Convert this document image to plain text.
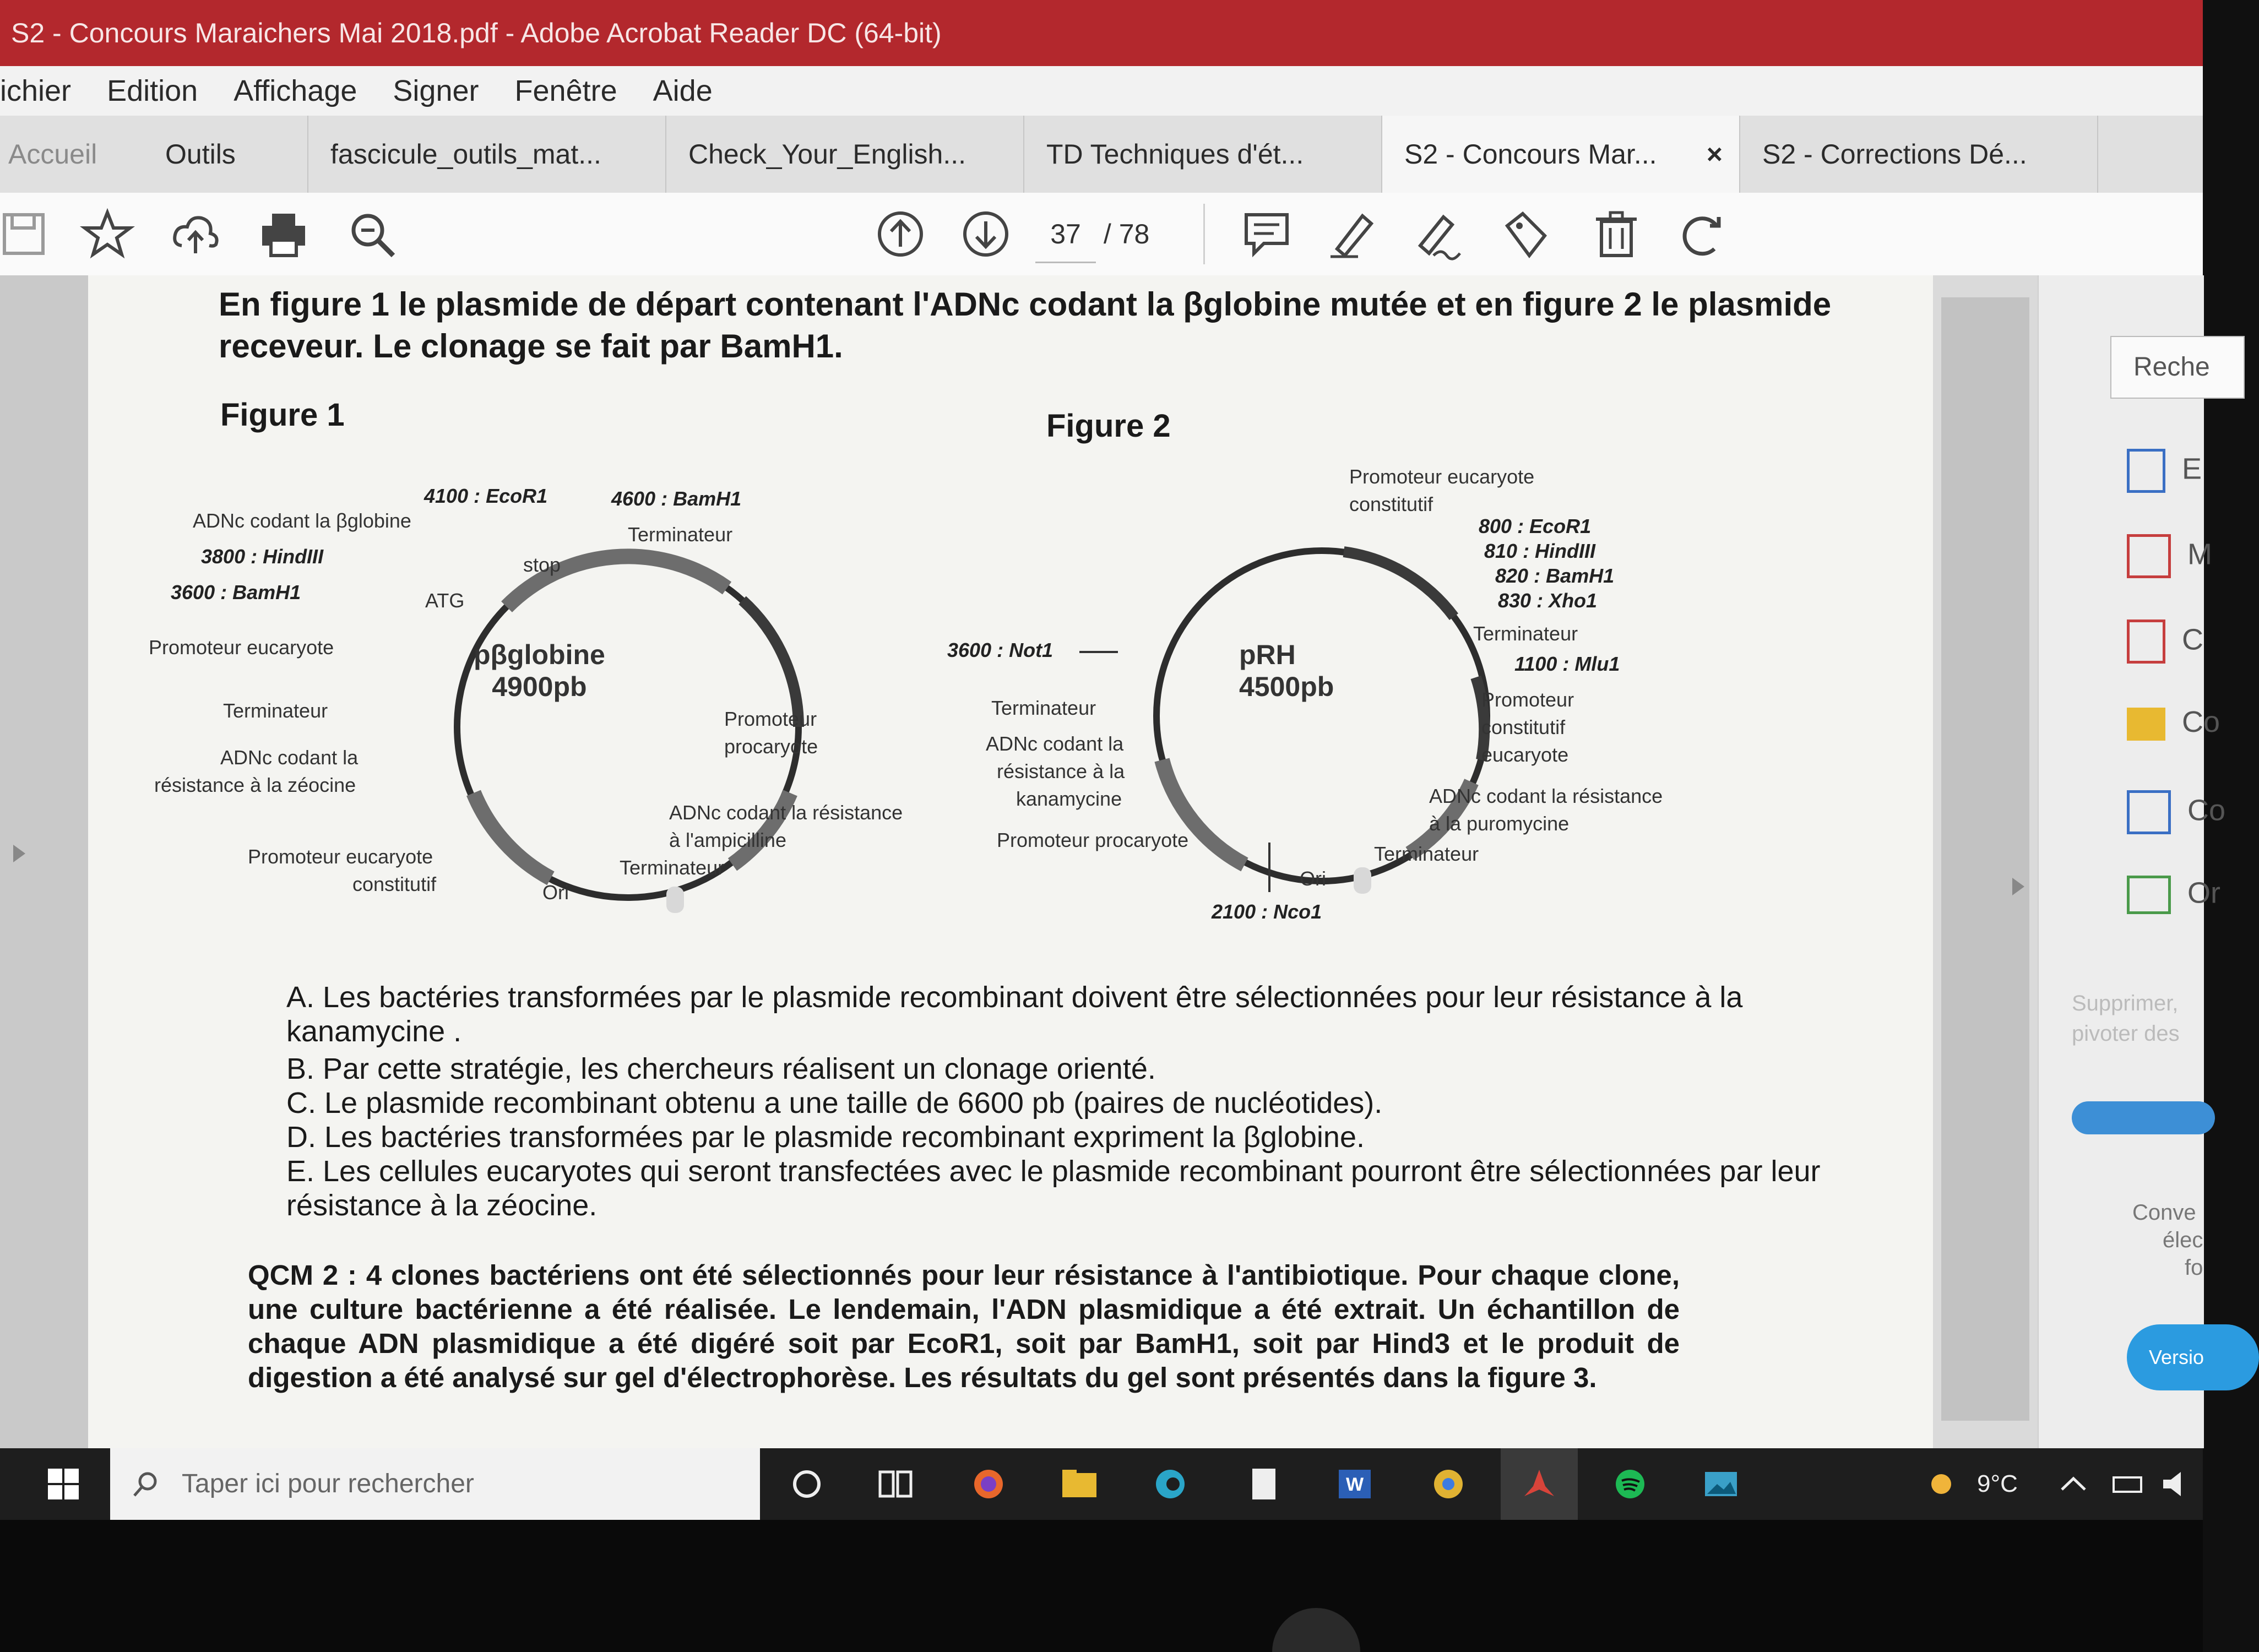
S2 - Concours Maraichers Mai 2018.pdf - Adobe Acrobat Reader DC (64-bit)
ichier Edition Affichage Signer Fenêtre Aide
Accueil	Outils	fascicule_outils_mat...	Check_Your_English...	TD Techniques d'ét...	S2 - Concours Mar... ×	S2 - Corrections Dé...
37 / 78
En figure 1 le plasmide de départ contenant l'ADNc codant la βglobine mutée et en figure 2 le plasmide receveur. Le clonage se fait par BamH1.
Figure 1
pβglobine
4900pb
4100 : EcoR1	4600 : BamH1
ADNc codant la βglobine
3800 : HindIII
3600 : BamH1
stop
ATG
Terminateur
Promoteur eucaryote
Terminateur
ADNc codant la
résistance à la zéocine
Promoteur
procaryote
ADNc codant la résistance
à l'ampicilline
Promoteur eucaryote
constitutif
Terminateur
Ori
Figure 2
pRH
4500pb
Promoteur eucaryote
constitutif
800 : EcoR1
810 : HindIII
820 : BamH1
830 : Xho1
Terminateur
1100 : Mlu1
Promoteur
constitutif
eucaryote
ADNc codant la résistance
à la puromycine
Terminateur
3600 : Not1
Terminateur
ADNc codant la
résistance à la
kanamycine
Promoteur procaryote
Ori
2100 : Nco1
A. Les bactéries transformées par le plasmide recombinant doivent être sélectionnées pour leur résistance à la kanamycine .
B. Par cette stratégie, les chercheurs réalisent un clonage orienté.
C. Le plasmide recombinant obtenu a une taille de 6600 pb (paires de nucléotides).
D. Les bactéries transformées par le plasmide recombinant expriment la βglobine.
E. Les cellules eucaryotes qui seront transfectées avec le plasmide recombinant pourront être sélectionnées par leur résistance à la zéocine.
QCM 2 : 4 clones bactériens ont été sélectionnés pour leur résistance à l'antibiotique. Pour chaque clone, une culture bactérienne a été réalisée. Le lendemain, l'ADN plasmidique a été extrait. Un échantillon de chaque ADN plasmidique a été digéré soit par EcoR1, soit par BamH1, soit par Hind3 et le produit de digestion a été analysé sur gel d'électrophorèse. Les résultats du gel sont présentés dans la figure 3.
Reche
E
M
C
Co
Co
Or
Supprimer,
pivoter des
Conve
élec
fo
Versio
Taper ici pour rechercher	W	9°C
